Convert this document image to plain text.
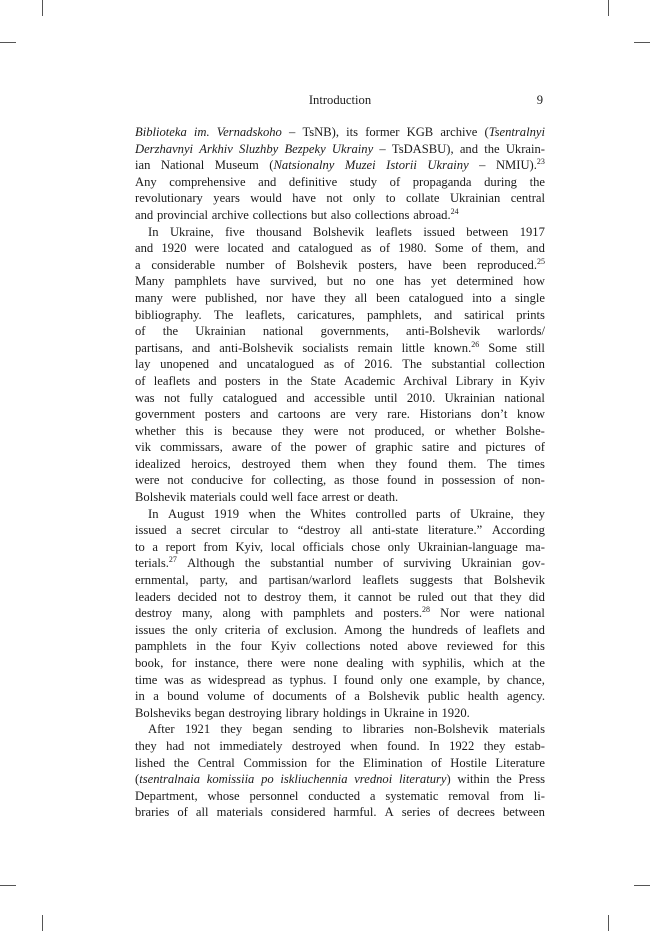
Introduction	9
Biblioteka im. Vernadskoho – TsNB), its former KGB archive (Tsentralnyi
Derzhavnyi Arkhiv Sluzhby Bezpeky Ukrainy – TsDASBU), and the Ukrain-
ian National Museum (Natsionalny Muzei Istorii Ukrainy – NMIU).$^{23}$
Any comprehensive and definitive study of propaganda during the
revolutionary years would have not only to collate Ukrainian central
and provincial archive collections but also collections abroad.$^{24}$
In Ukraine, five thousand Bolshevik leaflets issued between 1917
and 1920 were located and catalogued as of 1980. Some of them, and
a considerable number of Bolshevik posters, have been reproduced.$^{25}$
Many pamphlets have survived, but no one has yet determined how
many were published, nor have they all been catalogued into a single
bibliography. The leaflets, caricatures, pamphlets, and satirical prints
of the Ukrainian national governments, anti-Bolshevik warlords/
partisans, and anti-Bolshevik socialists remain little known.$^{26}$ Some still
lay unopened and uncatalogued as of 2016. The substantial collection
of leaflets and posters in the State Academic Archival Library in Kyiv
was not fully catalogued and accessible until 2010. Ukrainian national
government posters and cartoons are very rare. Historians don’t know
whether this is because they were not produced, or whether Bolshe-
vik commissars, aware of the power of graphic satire and pictures of
idealized heroics, destroyed them when they found them. The times
were not conducive for collecting, as those found in possession of non-
Bolshevik materials could well face arrest or death.
In August 1919 when the Whites controlled parts of Ukraine, they
issued a secret circular to “destroy all anti-state literature.” According
to a report from Kyiv, local officials chose only Ukrainian-language ma-
terials.$^{27}$ Although the substantial number of surviving Ukrainian gov-
ernmental, party, and partisan/warlord leaflets suggests that Bolshevik
leaders decided not to destroy them, it cannot be ruled out that they did
destroy many, along with pamphlets and posters.$^{28}$ Nor were national
issues the only criteria of exclusion. Among the hundreds of leaflets and
pamphlets in the four Kyiv collections noted above reviewed for this
book, for instance, there were none dealing with syphilis, which at the
time was as widespread as typhus. I found only one example, by chance,
in a bound volume of documents of a Bolshevik public health agency.
Bolsheviks began destroying library holdings in Ukraine in 1920.
After 1921 they began sending to libraries non-Bolshevik materials
they had not immediately destroyed when found. In 1922 they estab-
lished the Central Commission for the Elimination of Hostile Literature
(tsentralnaia komissiia po iskliuchennia vrednoi literatury) within the Press
Department, whose personnel conducted a systematic removal from li-
braries of all materials considered harmful. A series of decrees between
